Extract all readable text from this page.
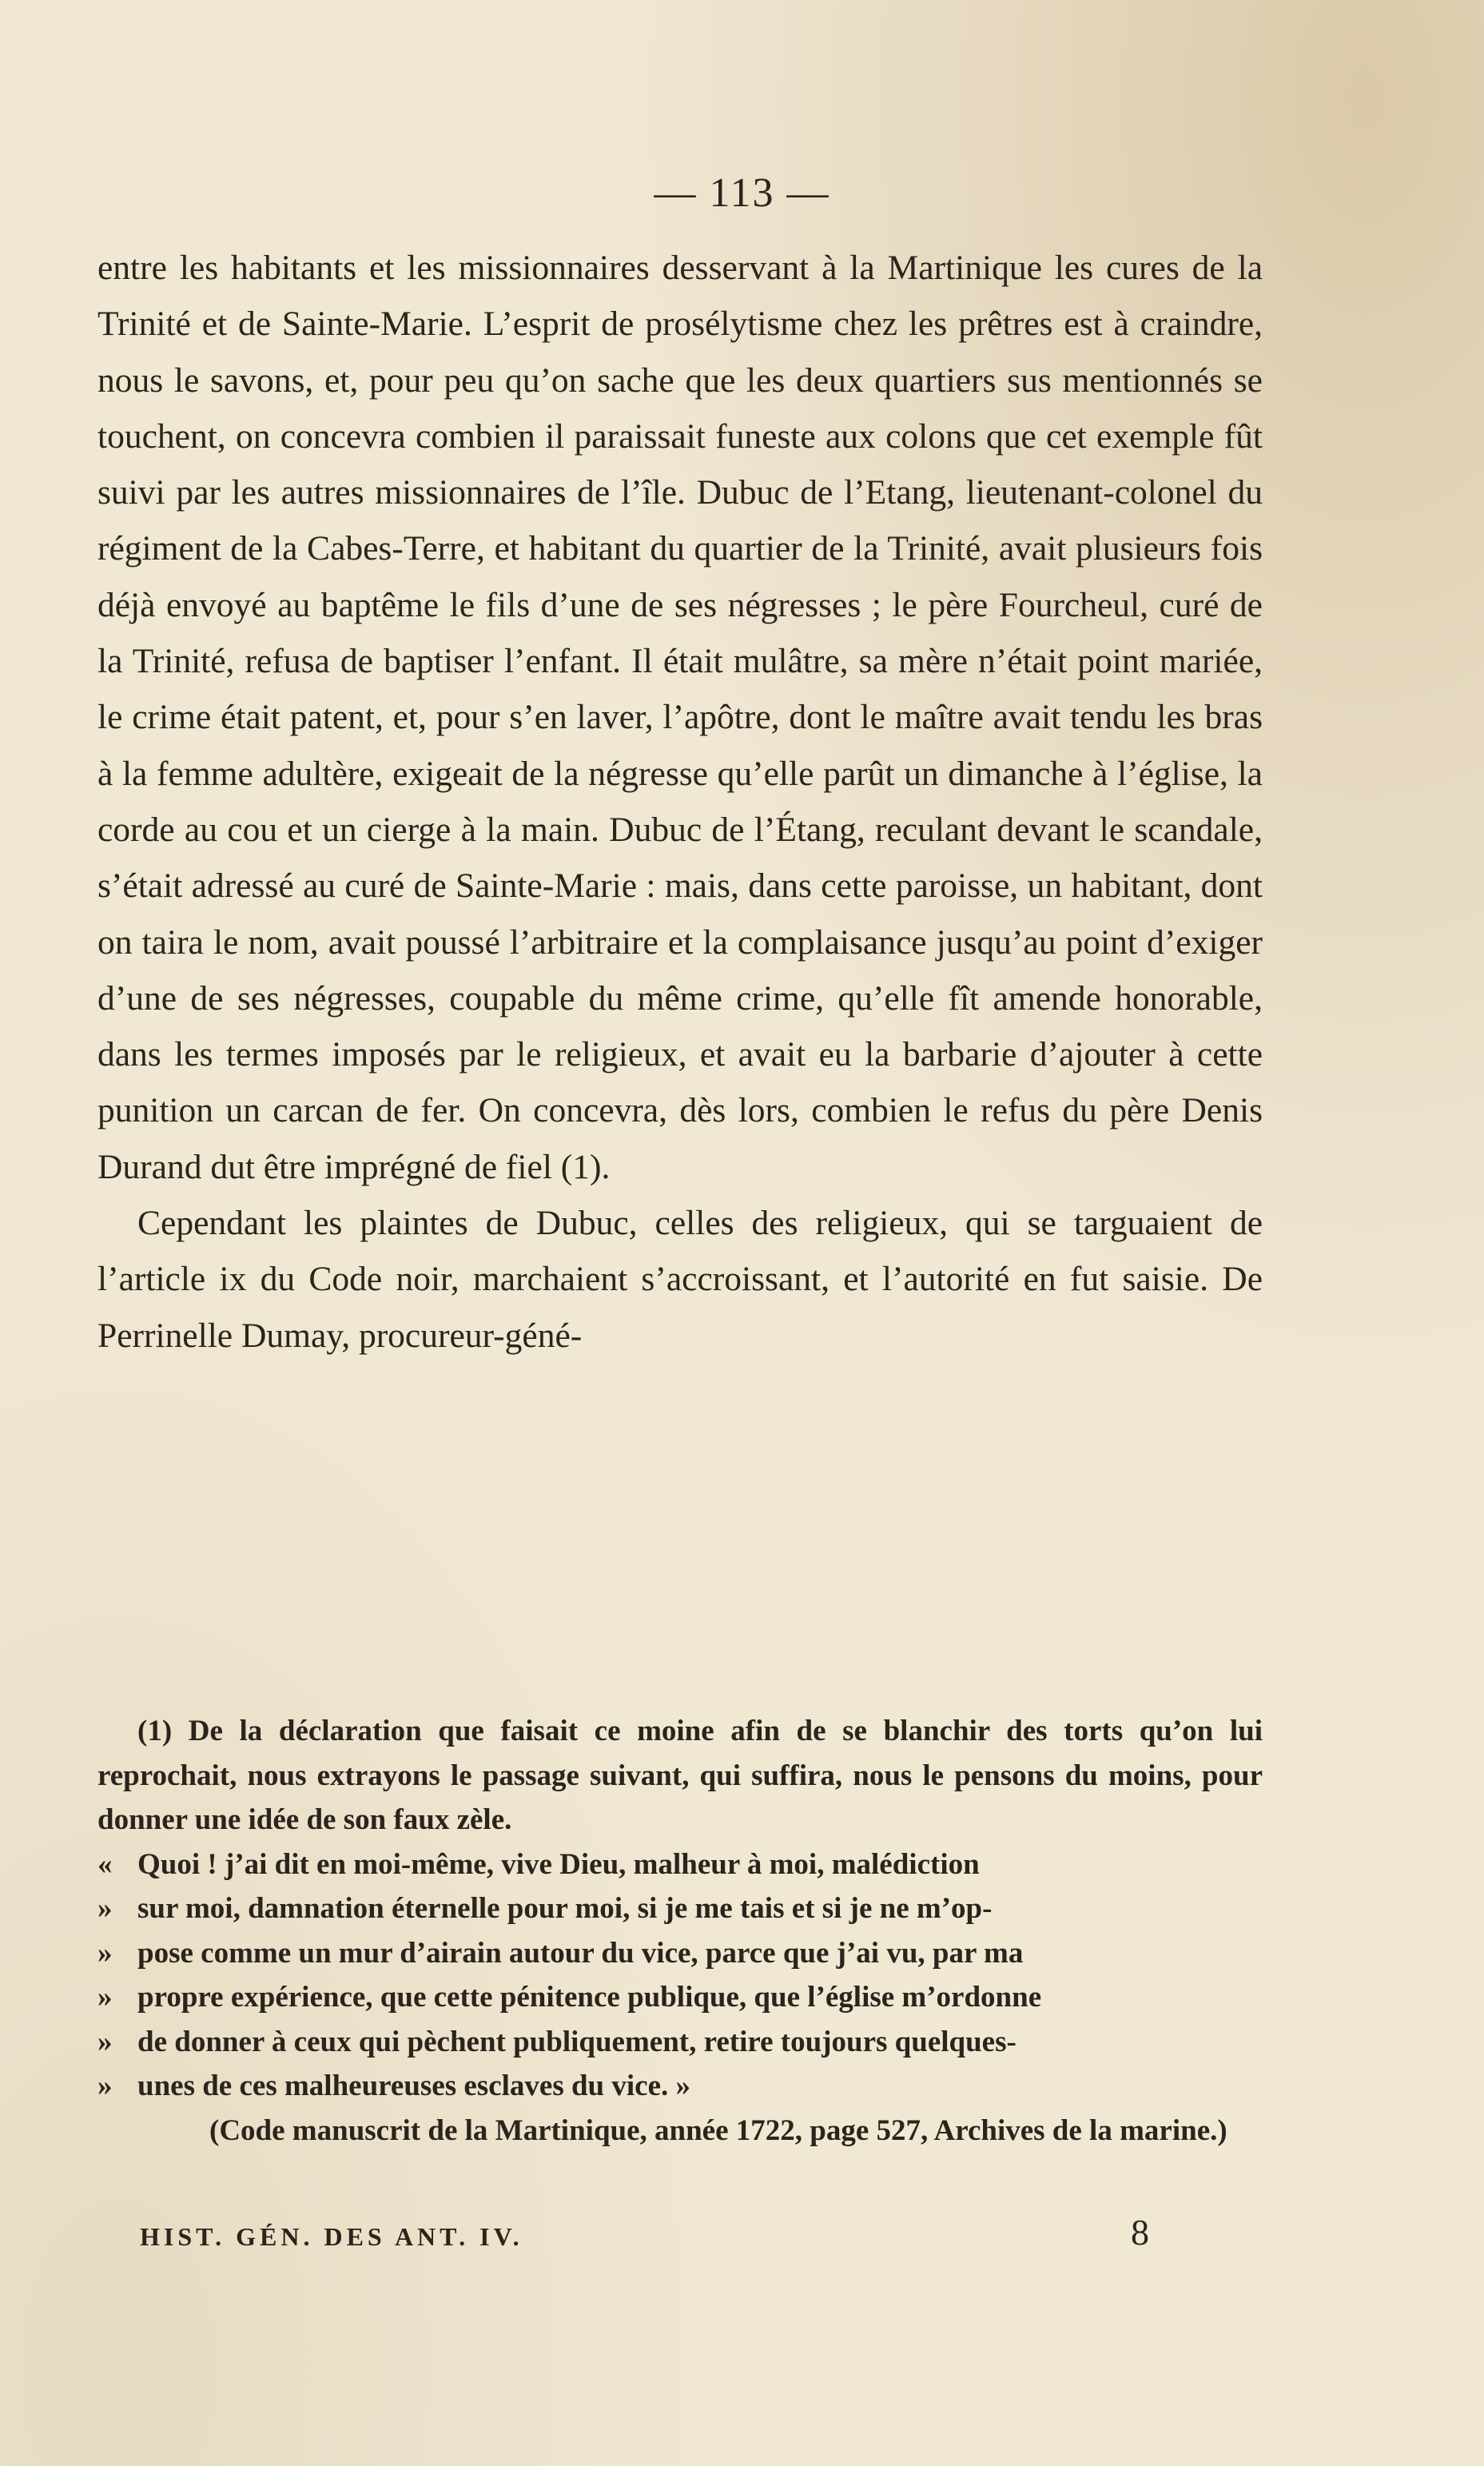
— 113 —

entre les habitants et les missionnaires desservant à la Martinique les cures de la Trinité et de Sainte-Marie. L’esprit de prosélytisme chez les prêtres est à craindre, nous le savons, et, pour peu qu’on sache que les deux quartiers sus mentionnés se touchent, on concevra combien il paraissait funeste aux colons que cet exemple fût suivi par les autres missionnaires de l’île. Dubuc de l’Etang, lieutenant-colonel du régiment de la Cabes-Terre, et habitant du quartier de la Trinité, avait plusieurs fois déjà envoyé au baptême le fils d’une de ses négresses ; le père Fourcheul, curé de la Trinité, refusa de baptiser l’enfant. Il était mulâtre, sa mère n’était point mariée, le crime était patent, et, pour s’en laver, l’apôtre, dont le maître avait tendu les bras à la femme adultère, exigeait de la négresse qu’elle parût un dimanche à l’église, la corde au cou et un cierge à la main. Dubuc de l’Étang, reculant devant le scandale, s’était adressé au curé de Sainte-Marie : mais, dans cette paroisse, un habitant, dont on taira le nom, avait poussé l’arbitraire et la complaisance jusqu’au point d’exiger d’une de ses négresses, coupable du même crime, qu’elle fît amende honorable, dans les termes imposés par le religieux, et avait eu la barbarie d’ajouter à cette punition un carcan de fer. On concevra, dès lors, combien le refus du père Denis Durand dut être imprégné de fiel (1).

Cependant les plaintes de Dubuc, celles des religieux, qui se targuaient de l’article ix du Code noir, marchaient s’accroissant, et l’autorité en fut saisie. De Perrinelle Dumay, procureur-géné-

(1) De la déclaration que faisait ce moine afin de se blanchir des torts qu’on lui reprochait, nous extrayons le passage suivant, qui suffira, nous le pensons du moins, pour donner une idée de son faux zèle.

« Quoi ! j’ai dit en moi-même, vive Dieu, malheur à moi, malédiction
» sur moi, damnation éternelle pour moi, si je me tais et si je ne m’op-
» pose comme un mur d’airain autour du vice, parce que j’ai vu, par ma
» propre expérience, que cette pénitence publique, que l’église m’ordonne
» de donner à ceux qui pèchent publiquement, retire toujours quelques-
» unes de ces malheureuses esclaves du vice. »

(Code manuscrit de la Martinique, année 1722, page 527, Archives de la marine.)

HIST. GÉN. DES ANT. IV.	8
